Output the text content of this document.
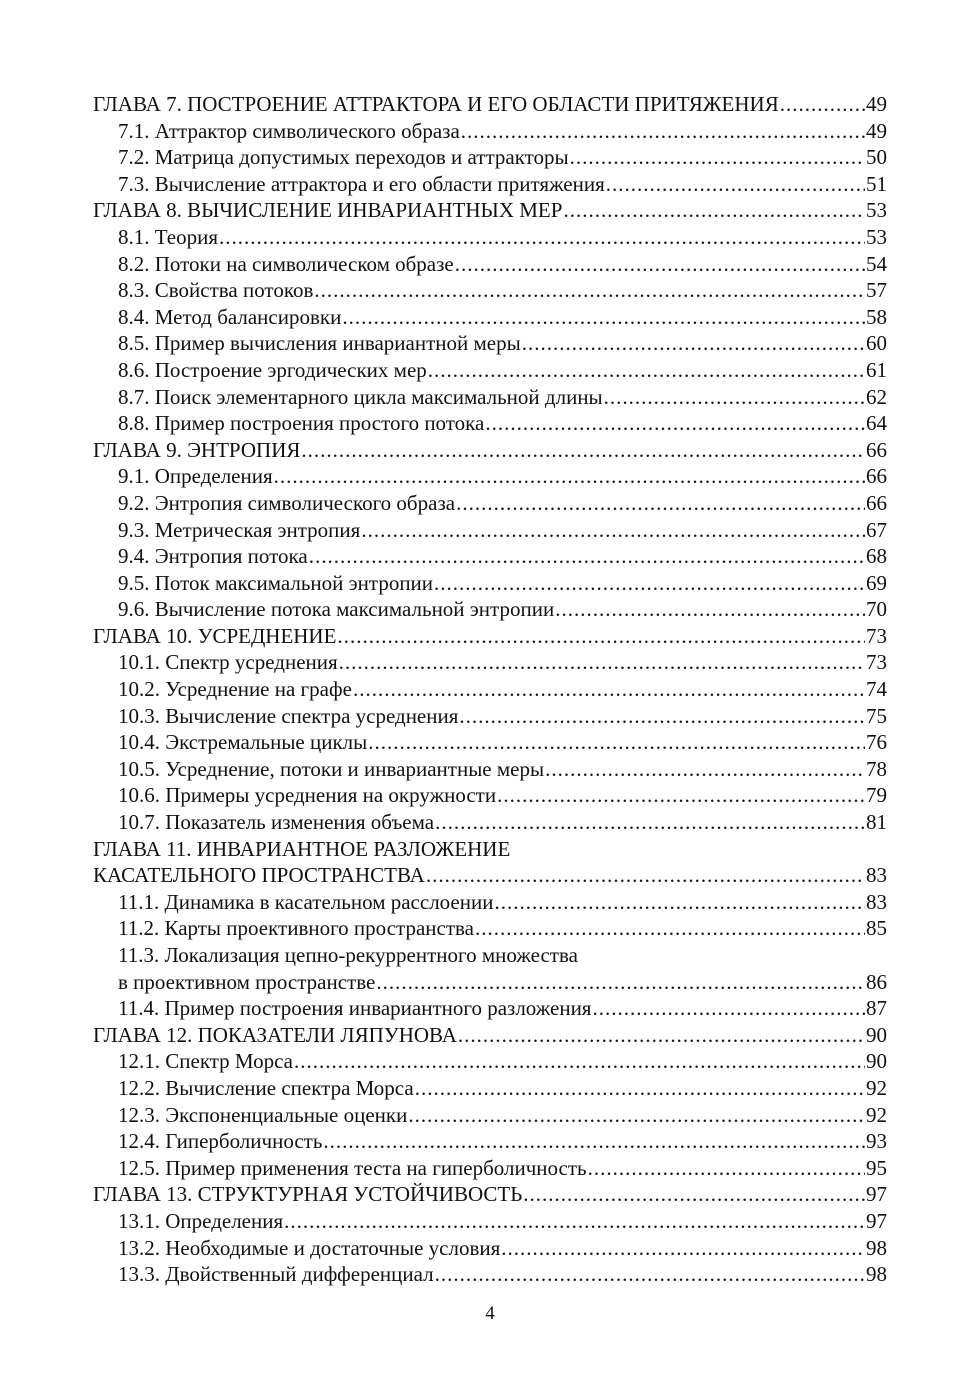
ГЛАВА 7. ПОСТРОЕНИЕ АТТРАКТОРА И ЕГО ОБЛАСТИ ПРИТЯЖЕНИЯ .....	49
7.1. Аттрактор символического образа .....	49
7.2. Матрица допустимых переходов и аттракторы .....	50
7.3. Вычисление аттрактора и его области притяжения .....	51
ГЛАВА 8. ВЫЧИСЛЕНИЕ ИНВАРИАНТНЫХ МЕР .....	53
8.1. Теория .....	53
8.2. Потоки на символическом образе .....	54
8.3. Свойства потоков .....	57
8.4. Метод балансировки .....	58
8.5. Пример вычисления инвариантной меры .....	60
8.6. Построение эргодических мер .....	61
8.7. Поиск элементарного цикла максимальной длины .....	62
8.8. Пример построения простого потока .....	64
ГЛАВА 9. ЭНТРОПИЯ .....	66
9.1. Определения .....	66
9.2. Энтропия символического образа .....	66
9.3. Метрическая энтропия .....	67
9.4. Энтропия потока .....	68
9.5. Поток максимальной энтропии .....	69
9.6. Вычисление потока максимальной энтропии .....	70
ГЛАВА 10. УСРЕДНЕНИЕ .....	73
10.1. Спектр усреднения .....	73
10.2. Усреднение на графе .....	74
10.3. Вычисление спектра усреднения .....	75
10.4. Экстремальные циклы .....	76
10.5. Усреднение, потоки и инвариантные меры .....	78
10.6. Примеры усреднения на окружности .....	79
10.7. Показатель изменения объема .....	81
ГЛАВА 11. ИНВАРИАНТНОЕ РАЗЛОЖЕНИЕ
КАСАТЕЛЬНОГО ПРОСТРАНСТВА .....	83
11.1. Динамика в касательном расслоении .....	83
11.2. Карты проективного пространства .....	85
11.3. Локализация цепно-рекуррентного множества
в проективном пространстве .....	86
11.4. Пример построения инвариантного разложения .....	87
ГЛАВА 12. ПОКАЗАТЕЛИ ЛЯПУНОВА .....	90
12.1. Спектр Морса .....	90
12.2. Вычисление спектра Морса .....	92
12.3. Экспоненциальные оценки .....	92
12.4. Гиперболичность .....	93
12.5. Пример применения теста на гиперболичность .....	95
ГЛАВА 13. СТРУКТУРНАЯ УСТОЙЧИВОСТЬ .....	97
13.1. Определения .....	97
13.2. Необходимые и достаточные условия .....	98
13.3. Двойственный дифференциал .....	98
4
